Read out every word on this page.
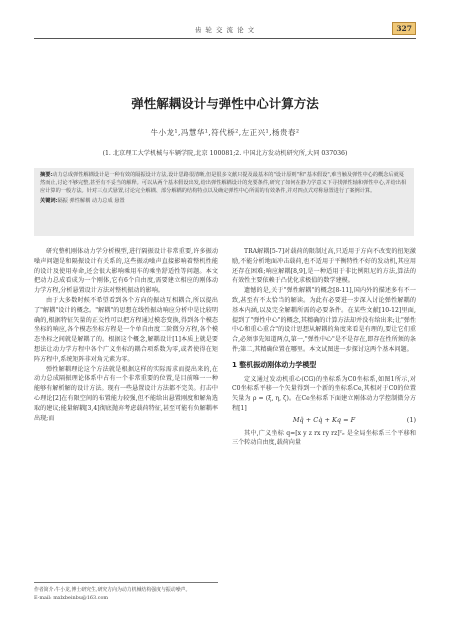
齿 轮 交 流 论 文	327
弹性解耦设计与弹性中心计算方法
牛小龙¹,冯慧华¹,符代桥²,左正兴¹,杨贵春²
(1. 北京理工大学机械与车辆学院,北京 100081;2. 中国北方发动机研究所,大同 037036)
摘要:动力总成弹性解耦设计是一种有效的隔振设计方法,设计思路很清晰,但是很多文献只提及最基本的"设计原则"和"基本假设",难当触及弹性中心的概念后就戛然而止,讨论不够完整,甚至有不妥当的解释。可以从两个基本假设出发,给出弹性解耦设计的充要条件,研究了如何在静力学意义下寻找弹性轴和弹性中心,并给出相应计算的一般方法。针对三点式悬置,讨论完全解耦、部分解耦的结构特点以及确定弹性中心所需的有效条件,并对四点式对称悬置进行了案例计算。
关键词:隔振 弹性解耦 动力总成 悬置

研究整机刚体动力学分析模型,进行隔振设计非常重要,许多振动噪声问题是和隔振设计有关系的,这些振动噪声直接影响着整机性能的设计及使用寿命,还会很大影响乘用车的乘坐舒适性等问题。本文把动力总成看成为一个刚体,它有6个自由度,需要建立相应的刚体动力学方程,分析悬置设计方法对整机振动的影响。

由于大多数时候不希望看到各个方向的振动互相耦合,所以提出了"解耦"设计的概念。"解耦"的思想在线性振动响应分析中是比较明确的,根据特征矢量的正交性可以把方程通过模态变换,得到各个模态坐标的响应,各个模态坐标方程是一个单自由度二阶微分方程,各个模态坐标之间就是解耦了的。根据这个概念,解耦设计[1]本质上就是要想法让动力学方程中各个广义坐标的耦合项系数为零,或者使得在矩阵方程中,系统矩阵非对角元素为零。

弹性解耦理论这个方法就是根据这样的实际需求而提出来的,在动力总成隔振理论体系中占有一个非常重要的位置,是目前唯一一种能够有解析解的设计方法。现有一些悬置设计方法都不完美。打击中心理论[2]在有限空间的布置能力较强,但不能给出悬置刚度和解角选取的建议;能量解耦[3,4]彻底抛弃考虑载荷特征,甚至可能有负解耦率出现;而

TRA解耦[5-7]对载荷的限制过高,只适用于方向不改变的扭矩激励,不能分析地面冲击载荷,也不适用于平衡特性不好的发动机,其应用还存在困难;响应解耦[8,9],是一种适用于非比例阻尼的方法,算法的有效性主要依赖于凸优化求极值的数学建模。

遗憾的是,关于"弹性解耦"的概念[8-11],国内外的描述多有不一致,甚至有不太恰当的解读。为此有必要进一步深入讨论弹性解耦的基本内涵,以及完全解耦所需的必要条件。在某些文献[10-12]里面,提到了"弹性中心"的概念,其精确的计算方法却并没有给出来;让"弹性中心和重心重合"的设计思想从解耦的角度来看是有理的,要让它们重合,必须事先知道两点,第一,"弹性中心"是不是存在,即存在性所须的条件;第二,其精确位置在哪里。本文试图进一步探讨这两个基本问题。

1 整机振动刚体动力学模型

定义通过发动机重心(CG)的坐标系为C0坐标系,如图1所示,对C0坐标系平移一个矢量得到一个新的坐标系Ce,其相对于C0的位置矢量为 ρ = (ξ, η, ζ)。在Ce坐标系下面建立刚体动力学控制微分方程[1]

Mq̈ + Cq̇ + Kq = F	(1)

其中,广义坐标 q=[x y z rx ry rz]ᵀₑ 是全局坐标系三个平移和三个转动自由度,载荷向量

作者简介:牛小龙,博士研究生,研究方向为动力机械结构强度与振动噪声。
E-mail: mxlxbeinbu@163.com
